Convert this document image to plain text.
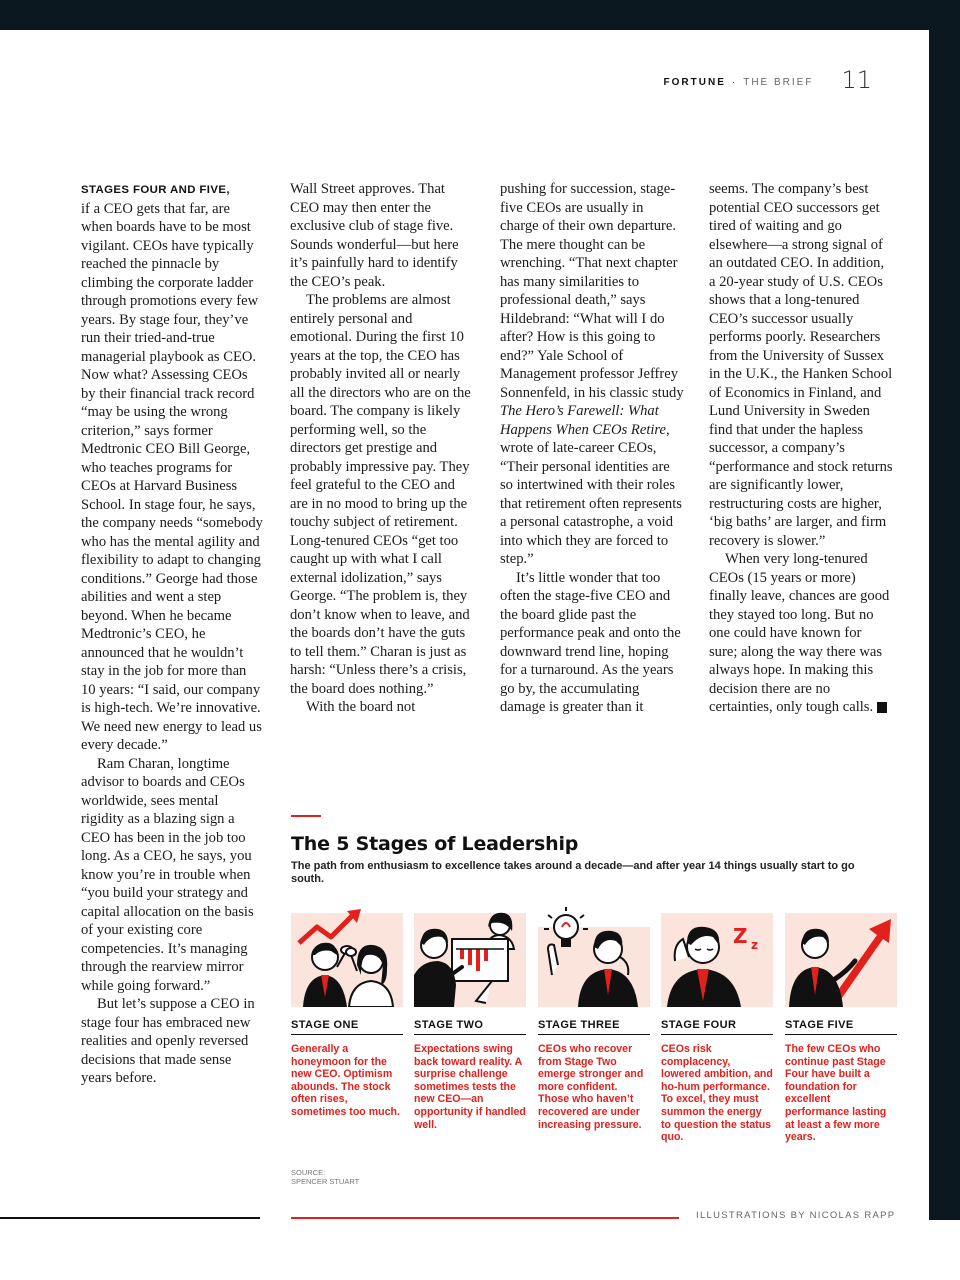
FORTUNE · THE BRIEF 11

STAGES FOUR AND FIVE,
if a CEO gets that far, are when boards have to be most vigilant. CEOs have typically reached the pinnacle by climbing the corporate ladder through promotions every few years. By stage four, they’ve run their tried-and-true managerial playbook as CEO. Now what? Assessing CEOs by their financial track record “may be using the wrong criterion,” says former Medtronic CEO Bill George, who teaches programs for CEOs at Harvard Business School. In stage four, he says, the company needs “somebody who has the mental agility and flexibility to adapt to changing conditions.” George had those abilities and went a step beyond. When he became Medtronic’s CEO, he announced that he wouldn’t stay in the job for more than 10 years: “I said, our company is high-tech. We’re innovative. We need new energy to lead us every decade.”

Ram Charan, longtime advisor to boards and CEOs worldwide, sees mental rigidity as a blazing sign a CEO has been in the job too long. As a CEO, he says, you know you’re in trouble when “you build your strategy and capital allocation on the basis of your existing core competencies. It’s managing through the rearview mirror while going forward.”

But let’s suppose a CEO in stage four has embraced new realities and openly reversed decisions that made sense years before.

Wall Street approves. That CEO may then enter the exclusive club of stage five. Sounds wonderful—but here it’s painfully hard to identify the CEO’s peak.

The problems are almost entirely personal and emotional. During the first 10 years at the top, the CEO has probably invited all or nearly all the directors who are on the board. The company is likely performing well, so the directors get prestige and probably impressive pay. They feel grateful to the CEO and are in no mood to bring up the touchy subject of retirement. Long-tenured CEOs “get too caught up with what I call external idolization,” says George. “The problem is, they don’t know when to leave, and the boards don’t have the guts to tell them.” Charan is just as harsh: “Unless there’s a crisis, the board does nothing.”

With the board not

pushing for succession, stage-five CEOs are usually in charge of their own departure. The mere thought can be wrenching. “That next chapter has many similarities to professional death,” says Hildebrand: “What will I do after? How is this going to end?” Yale School of Management professor Jeffrey Sonnenfeld, in his classic study The Hero’s Farewell: What Happens When CEOs Retire, wrote of late-career CEOs, “Their personal identities are so intertwined with their roles that retirement often represents a personal catastrophe, a void into which they are forced to step.”

It’s little wonder that too often the stage-five CEO and the board glide past the performance peak and onto the downward trend line, hoping for a turnaround. As the years go by, the accumulating damage is greater than it

seems. The company’s best potential CEO successors get tired of waiting and go elsewhere—a strong signal of an outdated CEO. In addition, a 20-year study of U.S. CEOs shows that a long-tenured CEO’s successor usually performs poorly. Researchers from the University of Sussex in the U.K., the Hanken School of Economics in Finland, and Lund University in Sweden find that under the hapless successor, a company’s “performance and stock returns are significantly lower, restructuring costs are higher, ‘big baths’ are larger, and firm recovery is slower.”

When very long-tenured CEOs (15 years or more) finally leave, chances are good they stayed too long. But no one could have known for sure; along the way there was always hope. In making this decision there are no certainties, only tough calls.	F

The 5 Stages of Leadership

The path from enthusiasm to excellence takes around a decade—and after year 14 things usually start to go south.

STAGE ONE
Generally a honeymoon for the new CEO. Optimism abounds. The stock often rises, sometimes too much.
STAGE TWO
Expectations swing back toward reality. A surprise challenge sometimes tests the new CEO—an opportunity if handled well.
STAGE THREE
CEOs who recover from Stage Two emerge stronger and more confident. Those who haven’t recovered are under increasing pressure.
Z z
STAGE FOUR
CEOs risk complacency, lowered ambition, and ho-hum performance. To excel, they must summon the energy to question the status quo.
STAGE FIVE
The few CEOs who continue past Stage Four have built a foundation for excellent performance lasting at least a few more years.
SOURCE:
SPENCER STUART
ILLUSTRATIONS BY NICOLAS RAPP
